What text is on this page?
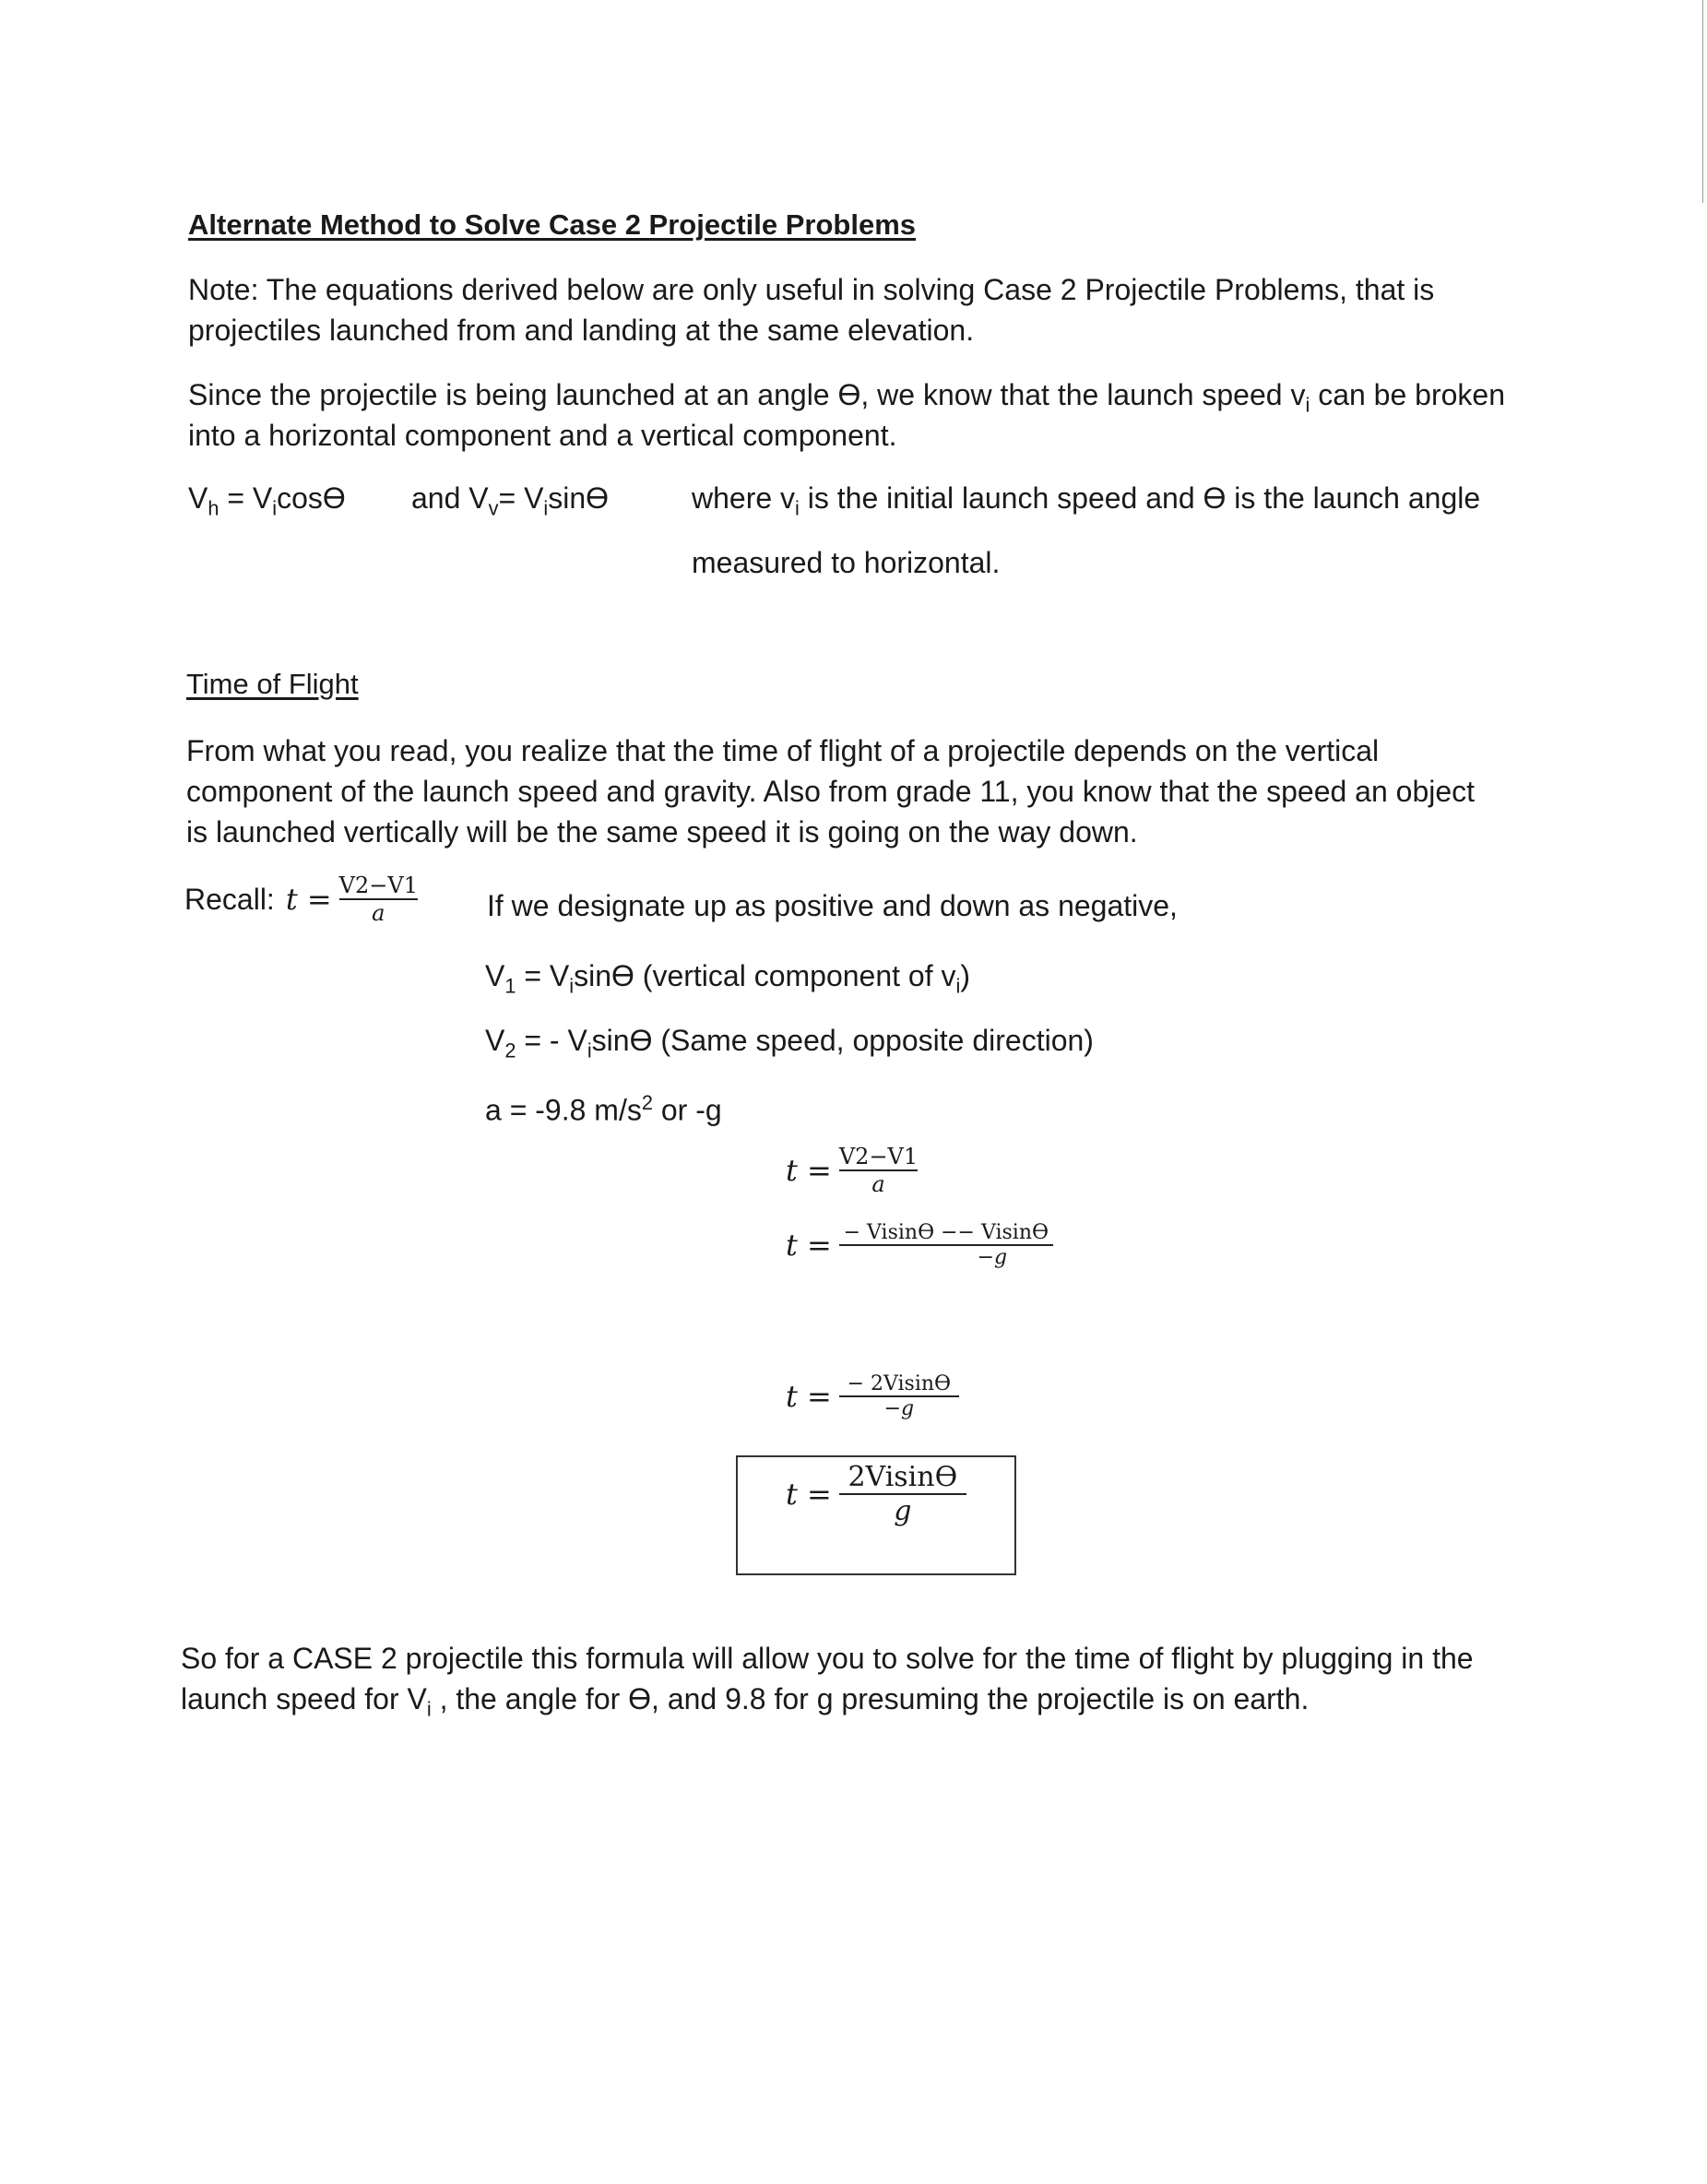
Alternate Method to Solve Case 2 Projectile Problems
Note: The equations derived below are only useful in solving Case 2 Projectile Problems, that is projectiles launched from and landing at the same elevation.
Since the projectile is being launched at an angle ϴ, we know that the launch speed $v_i$ can be broken
into a horizontal component and a vertical component.
$V_h = V_i\cos ϴ$ and $V_v= V_i\sin ϴ$	where $v_i$ is the initial launch speed and ϴ is the launch angle
measured to horizontal.
Time of Flight
From what you read, you realize that the time of flight of a projectile depends on the vertical component of the launch speed and gravity. Also from grade 11, you know that the speed an object is launched vertically will be the same speed it is going on the way down.
Recall: $t = \frac{V2-V1}{a}$ If we designate up as positive and down as negative,
$V_1 = V_i\sin ϴ$ (vertical component of $v_i$)
$V_2$ = - $V_i\sin ϴ$ (Same speed, opposite direction)
a = -9.8 $m/s^2$ or -g
$t = \frac{V2-V1}{a}$
$t = \frac{- Visinϴ -- Visinϴ}{-g}$
$t = \frac{- 2Visinϴ}{-g}$
$t = \frac{2Visinϴ}{g}$
So for a CASE 2 projectile this formula will allow you to solve for the time of flight by plugging in the
launch speed for $V_i$ , the angle for ϴ, and 9.8 for g presuming the projectile is on earth.
